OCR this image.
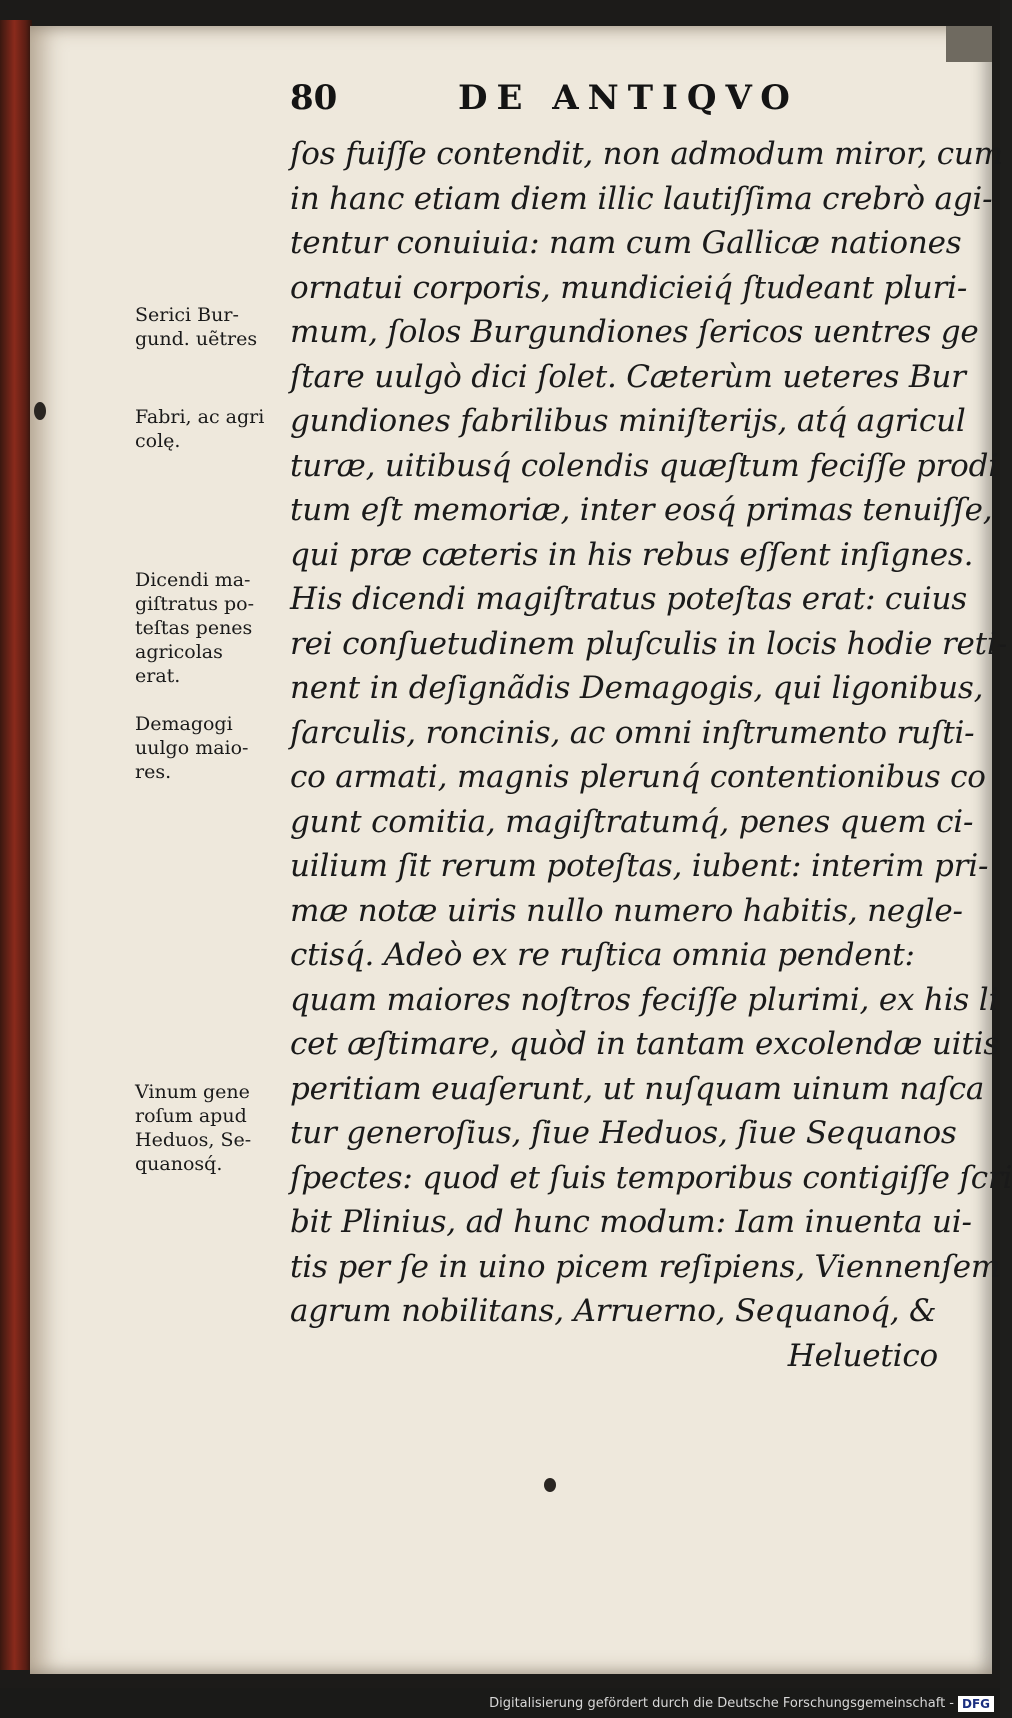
80	DE ANTIQVO
Serici Bur-
gund. uẽtres
Fabri, ac agri
colę.
Dicendi ma-
giſtratus po-
teſtas penes
agricolas
erat.
Demagogi
uulgo maio-
res.
Vinum gene
roſum apud
Heduos, Se-
quanosq́.
ſos fuiſſe contendit, non admodum miror, cum
in hanc etiam diem illic lautiſſima crebrò agi-
tentur conuiuia: nam cum Gallicæ nationes
ornatui corporis, mundicieiq́ ſtudeant pluri-
mum, ſolos Burgundiones ſericos uentres ge
ſtare uulgò dici ſolet. Cæterùm ueteres Bur
gundiones fabrilibus miniſterijs, atq́ agricul
turæ, uitibusq́ colendis quæſtum feciſſe prodi
tum eſt memoriæ, inter eosq́ primas tenuiſſe,
qui præ cæteris in his rebus eſſent inſignes.
His dicendi magiſtratus poteſtas erat: cuius
rei conſuetudinem pluſculis in locis hodie reti-
nent in deſignãdis Demagogis, qui ligonibus,
ſarculis, roncinis, ac omni inſtrumento ruſti-
co armati, magnis plerunq́ contentionibus co
gunt comitia, magiſtratumq́, penes quem ci-
uilium ſit rerum poteſtas, iubent: interim pri-
mæ notæ uiris nullo numero habitis, negle-
ctisq́. Adeò ex re ruſtica omnia pendent:
quam maiores noſtros feciſſe plurimi, ex his li
cet æſtimare, quòd in tantam excolendæ uitis
peritiam euaſerunt, ut nuſquam uinum naſca
tur generoſius, ſiue Heduos, ſiue Sequanos
ſpectes: quod et ſuis temporibus contigiſſe ſcri
bit Plinius, ad hunc modum: Iam inuenta ui-
tis per ſe in uino picem reſipiens, Viennenſem
agrum nobilitans, Arruerno, Sequanoq́, &
Heluetico
Digitalisierung gefördert durch die Deutsche Forschungsgemeinschaft - DFG
